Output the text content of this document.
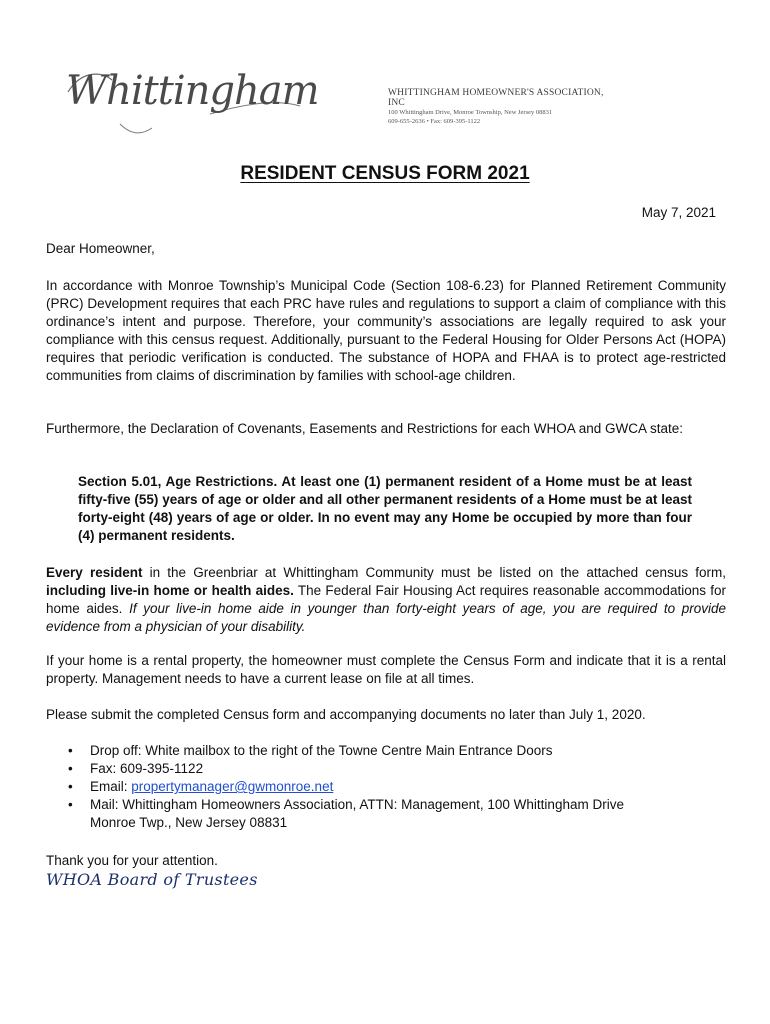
Whittingham	WHITTINGHAM HOMEOWNER'S ASSOCIATION, INC
100 Whittingham Drive, Monroe Township, New Jersey 08831
609-655-2636 • Fax: 609-395-1122
RESIDENT CENSUS FORM 2021
May 7, 2021
Dear Homeowner,
In accordance with Monroe Township’s Municipal Code (Section 108-6.23) for Planned Retirement Community (PRC) Development requires that each PRC have rules and regulations to support a claim of compliance with this ordinance’s intent and purpose. Therefore, your community’s associations are legally required to ask your compliance with this census request. Additionally, pursuant to the Federal Housing for Older Persons Act (HOPA) requires that periodic verification is conducted. The substance of HOPA and FHAA is to protect age-restricted communities from claims of discrimination by families with school-age children.
Furthermore, the Declaration of Covenants, Easements and Restrictions for each WHOA and GWCA state:
Section 5.01, Age Restrictions. At least one (1) permanent resident of a Home must be at least fifty-five (55) years of age or older and all other permanent residents of a Home must be at least forty-eight (48) years of age or older. In no event may any Home be occupied by more than four (4) permanent residents.
Every resident in the Greenbriar at Whittingham Community must be listed on the attached census form, including live-in home or health aides. The Federal Fair Housing Act requires reasonable accommodations for home aides. If your live-in home aide in younger than forty-eight years of age, you are required to provide evidence from a physician of your disability.
If your home is a rental property, the homeowner must complete the Census Form and indicate that it is a rental property. Management needs to have a current lease on file at all times.
Please submit the completed Census form and accompanying documents no later than July 1, 2020.
• Drop off: White mailbox to the right of the Towne Centre Main Entrance Doors
• Fax: 609-395-1122
• Email: propertymanager@gwmonroe.net
• Mail: Whittingham Homeowners Association, ATTN: Management, 100 Whittingham Drive
Monroe Twp., New Jersey 08831
Thank you for your attention.
WHOA Board of Trustees
